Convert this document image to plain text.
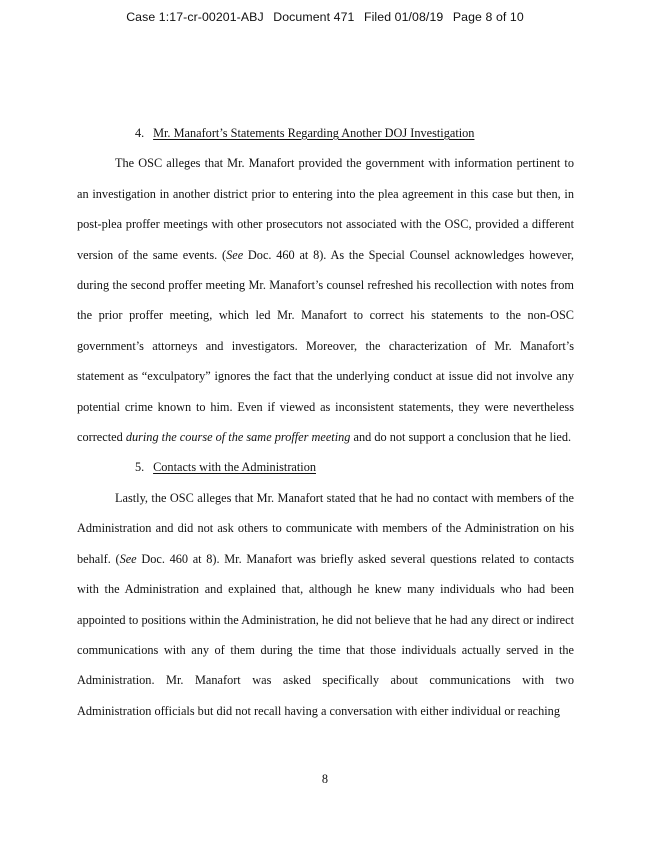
Case 1:17-cr-00201-ABJ Document 471 Filed 01/08/19 Page 8 of 10

4. Mr. Manafort’s Statements Regarding Another DOJ Investigation

The OSC alleges that Mr. Manafort provided the government with information pertinent to an investigation in another district prior to entering into the plea agreement in this case but then, in post-plea proffer meetings with other prosecutors not associated with the OSC, provided a different version of the same events. (See Doc. 460 at 8). As the Special Counsel acknowledges however, during the second proffer meeting Mr. Manafort’s counsel refreshed his recollection with notes from the prior proffer meeting, which led Mr. Manafort to correct his statements to the non-OSC government’s attorneys and investigators. Moreover, the characterization of Mr. Manafort’s statement as “exculpatory” ignores the fact that the underlying conduct at issue did not involve any potential crime known to him. Even if viewed as inconsistent statements, they were nevertheless corrected during the course of the same proffer meeting and do not support a conclusion that he lied.

5. Contacts with the Administration

Lastly, the OSC alleges that Mr. Manafort stated that he had no contact with members of the Administration and did not ask others to communicate with members of the Administration on his behalf. (See Doc. 460 at 8). Mr. Manafort was briefly asked several questions related to contacts with the Administration and explained that, although he knew many individuals who had been appointed to positions within the Administration, he did not believe that he had any direct or indirect communications with any of them during the time that those individuals actually served in the Administration. Mr. Manafort was asked specifically about communications with two Administration officials but did not recall having a conversation with either individual or reaching

8
